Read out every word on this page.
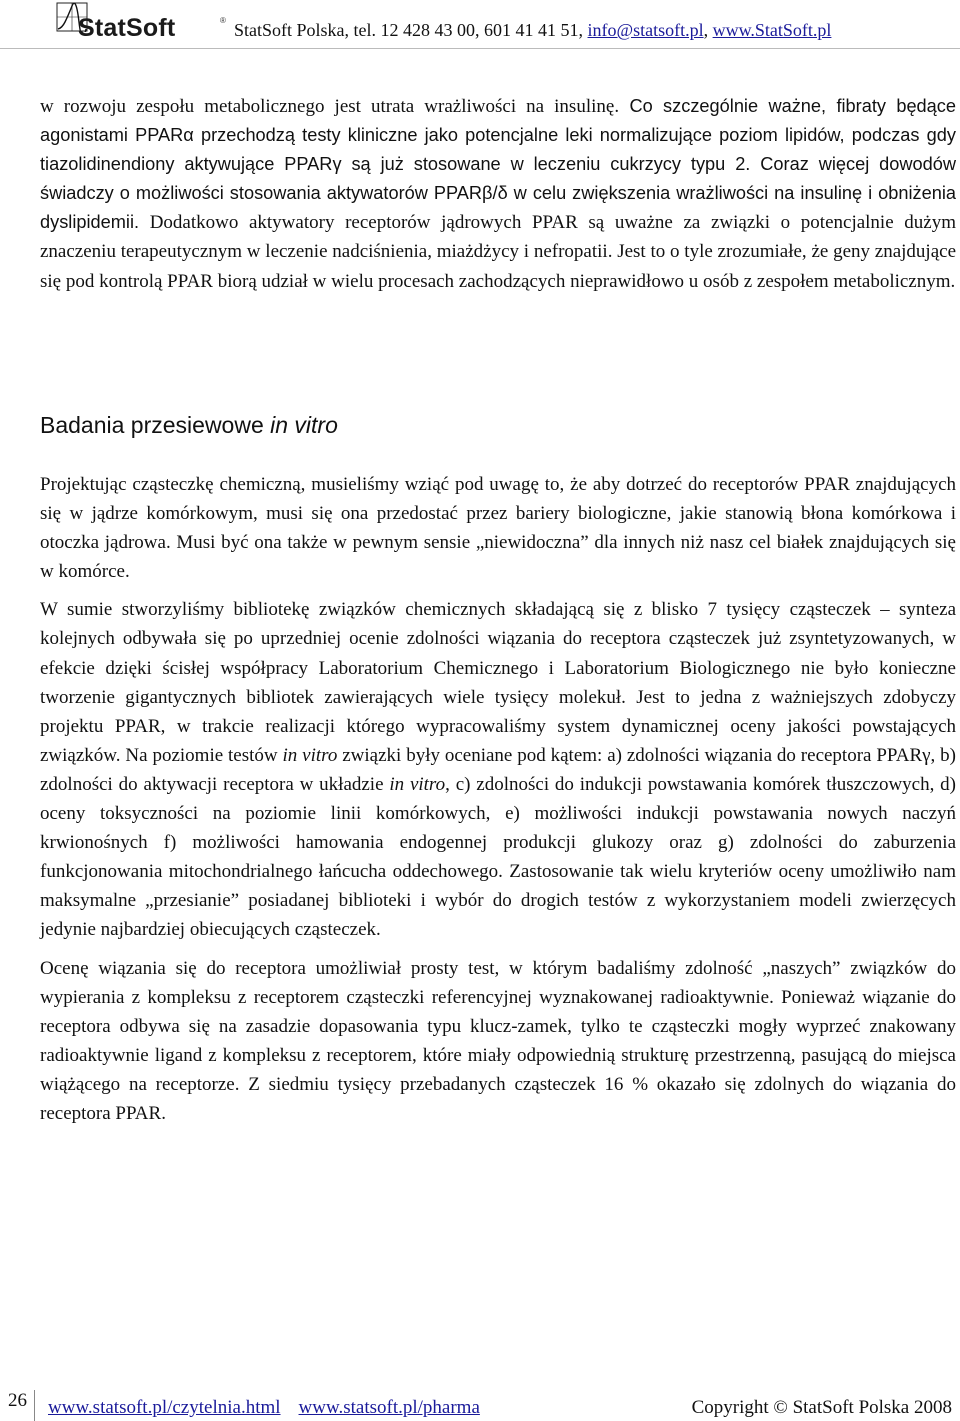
StatSoft	® StatSoft Polska, tel. 12 428 43 00, 601 41 41 51, info@statsoft.pl, www.StatSoft.pl

w rozwoju zespołu metabolicznego jest utrata wrażliwości na insulinę. Co szczególnie ważne, fibraty będące agonistami PPARα przechodzą testy kliniczne jako potencjalne leki normalizujące poziom lipidów, podczas gdy tiazolidinendiony aktywujące PPARγ są już stosowane w leczeniu cukrzycy typu 2. Coraz więcej dowodów świadczy o możliwości stosowania aktywatorów PPARβ/δ w celu zwiększenia wrażliwości na insulinę i obniżenia dyslipidemii. Dodatkowo aktywatory receptorów jądrowych PPAR są uważne za związki o potencjalnie dużym znaczeniu terapeutycznym w leczenie nadciśnienia, miażdżycy i nefropatii. Jest to o tyle zrozumiałe, że geny znajdujące się pod kontrolą PPAR biorą udział w wielu procesach zachodzących nieprawidłowo u osób z zespołem metabolicznym.

Badania przesiewowe in vitro

Projektując cząsteczkę chemiczną, musieliśmy wziąć pod uwagę to, że aby dotrzeć do receptorów PPAR znajdujących się w jądrze komórkowym, musi się ona przedostać przez bariery biologiczne, jakie stanowią błona komórkowa i otoczka jądrowa. Musi być ona także w pewnym sensie „niewidoczna” dla innych niż nasz cel białek znajdujących się w komórce.

W sumie stworzyliśmy bibliotekę związków chemicznych składającą się z blisko 7 tysięcy cząsteczek – synteza kolejnych odbywała się po uprzedniej ocenie zdolności wiązania do receptora cząsteczek już zsyntetyzowanych, w efekcie dzięki ścisłej współpracy Laboratorium Chemicznego i Laboratorium Biologicznego nie było konieczne tworzenie gigantycznych bibliotek zawierających wiele tysięcy molekuł. Jest to jedna z ważniejszych zdobyczy projektu PPAR, w trakcie realizacji którego wypracowaliśmy system dynamicznej oceny jakości powstających związków. Na poziomie testów in vitro związki były oceniane pod kątem: a) zdolności wiązania do receptora PPARγ, b) zdolności do aktywacji receptora w układzie in vitro, c) zdolności do indukcji powstawania komórek tłuszczowych, d) oceny toksyczności na poziomie linii komórkowych, e) możliwości indukcji powstawania nowych naczyń krwionośnych f) możliwości hamowania endogennej produkcji glukozy oraz g) zdolności do zaburzenia funkcjonowania mitochondrialnego łańcucha oddechowego. Zastosowanie tak wielu kryteriów oceny umożliwiło nam maksymalne „przesianie” posiadanej biblioteki i wybór do drogich testów z wykorzystaniem modeli zwierzęcych jedynie najbardziej obiecujących cząsteczek.

Ocenę wiązania się do receptora umożliwiał prosty test, w którym badaliśmy zdolność „naszych” związków do wypierania z kompleksu z receptorem cząsteczki referencyjnej wyznakowanej radioaktywnie. Ponieważ wiązanie do receptora odbywa się na zasadzie dopasowania typu klucz-zamek, tylko te cząsteczki mogły wyprzeć znakowany radioaktywnie ligand z kompleksu z receptorem, które miały odpowiednią strukturę przestrzenną, pasującą do miejsca wiążącego na receptorze. Z siedmiu tysięcy przebadanych cząsteczek 16 % okazało się zdolnych do wiązania do receptora PPAR.

26 www.statsoft.pl/czytelnia.html www.statsoft.pl/pharma	Copyright © StatSoft Polska 2008
